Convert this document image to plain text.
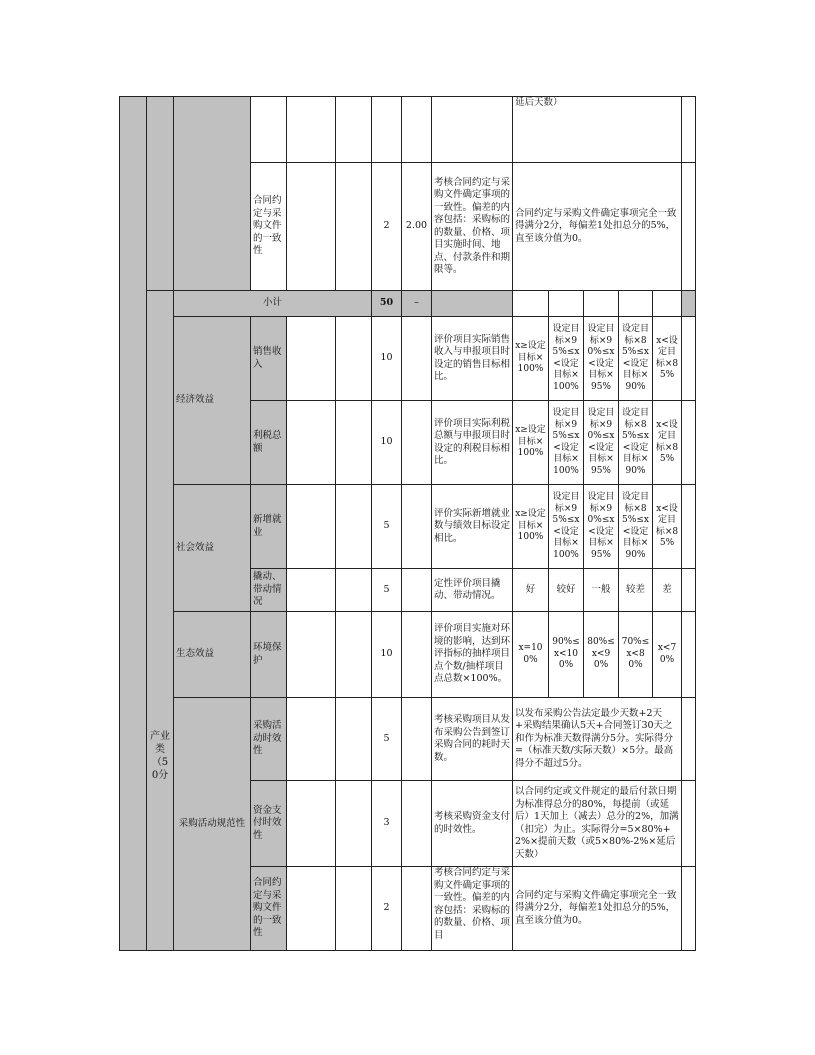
									延后天数）					
			合同约定与采购文件的一致性			2	2.00	考核合同约定与采购文件确定事项的一致性。偏差的内容包括：采购标的的数量、价格、项目实施时间、地点、付款条件和期限等。	合同约定与采购文件确定事项完全一致得满分2分，每偏差1处扣总分的5%，直至该分值为0。					
	产业类（50分	小计				50	–							
		经济效益	销售收入			10		评价项目实际销售收入与申报项目时设定的销售目标相比。	x≥设定目标×100%	设定目标×95%≤x<设定目标×100%	设定目标×90%≤x<设定目标×95%	设定目标×85%≤x<设定目标×90%	x<设定目标×85%	
			利税总额			10		评价项目实际利税总额与申报项目时设定的利税目标相比。	x≥设定目标×100%	设定目标×95%≤x<设定目标×100%	设定目标×90%≤x<设定目标×95%	设定目标×85%≤x<设定目标×90%	x<设定目标×85%	
		社会效益	新增就业			5		评价实际新增就业数与绩效目标设定相比。	x≥设定目标×100%	设定目标×95%≤x<设定目标×100%	设定目标×90%≤x<设定目标×95%	设定目标×85%≤x<设定目标×90%	x<设定目标×85%	
			撬动、带动情况			5		定性评价项目撬动、带动情况。	好	较好	一般	较差	差	
		生态效益	环境保护			10		评价项目实施对环境的影响，达到环评指标的抽样项目点个数/抽样项目点总数×100%。	x=100%	90%≤x<100%	80%≤x<90%	70%≤x<80%	x<70%	
		采购活动规范性	采购活动时效性			5		考核采购项目从发布采购公告到签订采购合同的耗时天数。	以发布采购公告法定最少天数+2天+采购结果确认5天+合同签订30天之和作为标准天数得满分5分。实际得分=（标准天数/实际天数）×5分。最高得分不超过5分。					
			资金支付时效性			3		考核采购资金支付的时效性。	以合同约定或文件规定的最后付款日期为标准得总分的80%，每提前（或延后）1天加上（减去）总分的2%，加满（扣完）为止。实际得分=5×80%+2%×提前天数（或5×80%-2%×延后天数）					
			合同约定与采购文件的一致性			2		考核合同约定与采购文件确定事项的一致性。偏差的内容包括：采购标的的数量、价格、项目	合同约定与采购文件确定事项完全一致得满分2分，每偏差1处扣总分的5%，直至该分值为0。					
